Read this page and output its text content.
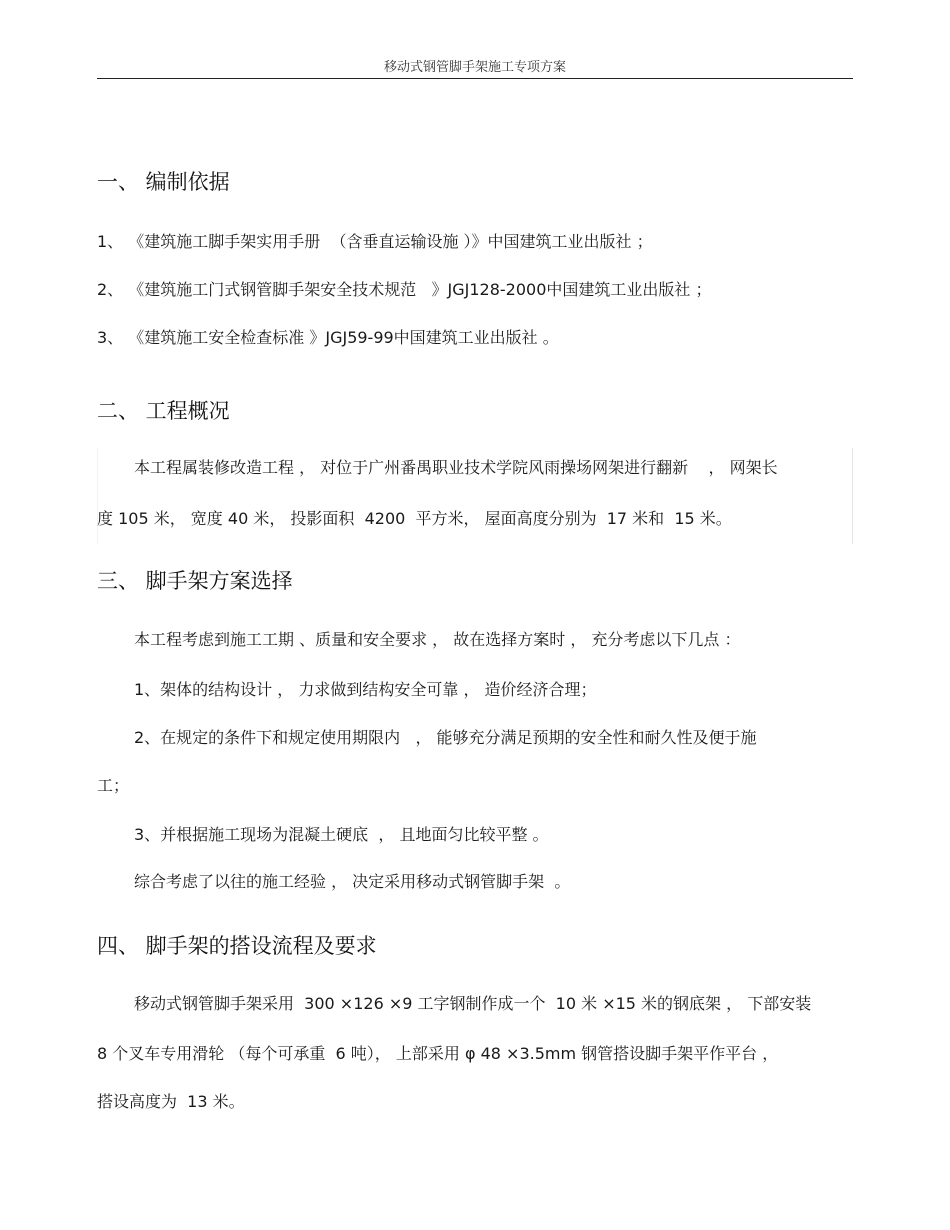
移动式钢管脚手架施工专项方案
一、 编制依据
1、 《建筑施工脚手架实用手册  （含垂直运输设施 ）》中国建筑工业出版社 ；
2、 《建筑施工门式钢管脚手架安全技术规范   》JGJ128-2000中国建筑工业出版社 ；
3、 《建筑施工安全检查标准 》JGJ59-99中国建筑工业出版社 。
二、 工程概况
本工程属装修改造工程 ， 对位于广州番禺职业技术学院风雨操场网架进行翻新    ， 网架长
度 105 米， 宽度 40 米， 投影面积  4200  平方米， 屋面高度分别为  17 米和  15 米。
三、 脚手架方案选择
本工程考虑到施工工期 、质量和安全要求 ， 故在选择方案时 ， 充分考虑以下几点 ：
1、架体的结构设计 ， 力求做到结构安全可靠 ， 造价经济合理；
2、在规定的条件下和规定使用期限内   ， 能够充分满足预期的安全性和耐久性及便于施
工；
3、并根据施工现场为混凝土硬底  ， 且地面匀比较平整 。
综合考虑了以往的施工经验 ， 决定采用移动式钢管脚手架  。
四、 脚手架的搭设流程及要求
移动式钢管脚手架采用  300 ×126 ×9 工字钢制作成一个  10 米 ×15 米的钢底架 ， 下部安装
8 个叉车专用滑轮 （每个可承重  6 吨）， 上部采用 φ 48 ×3.5mm 钢管搭设脚手架平作平台 ，
搭设高度为  13 米。
